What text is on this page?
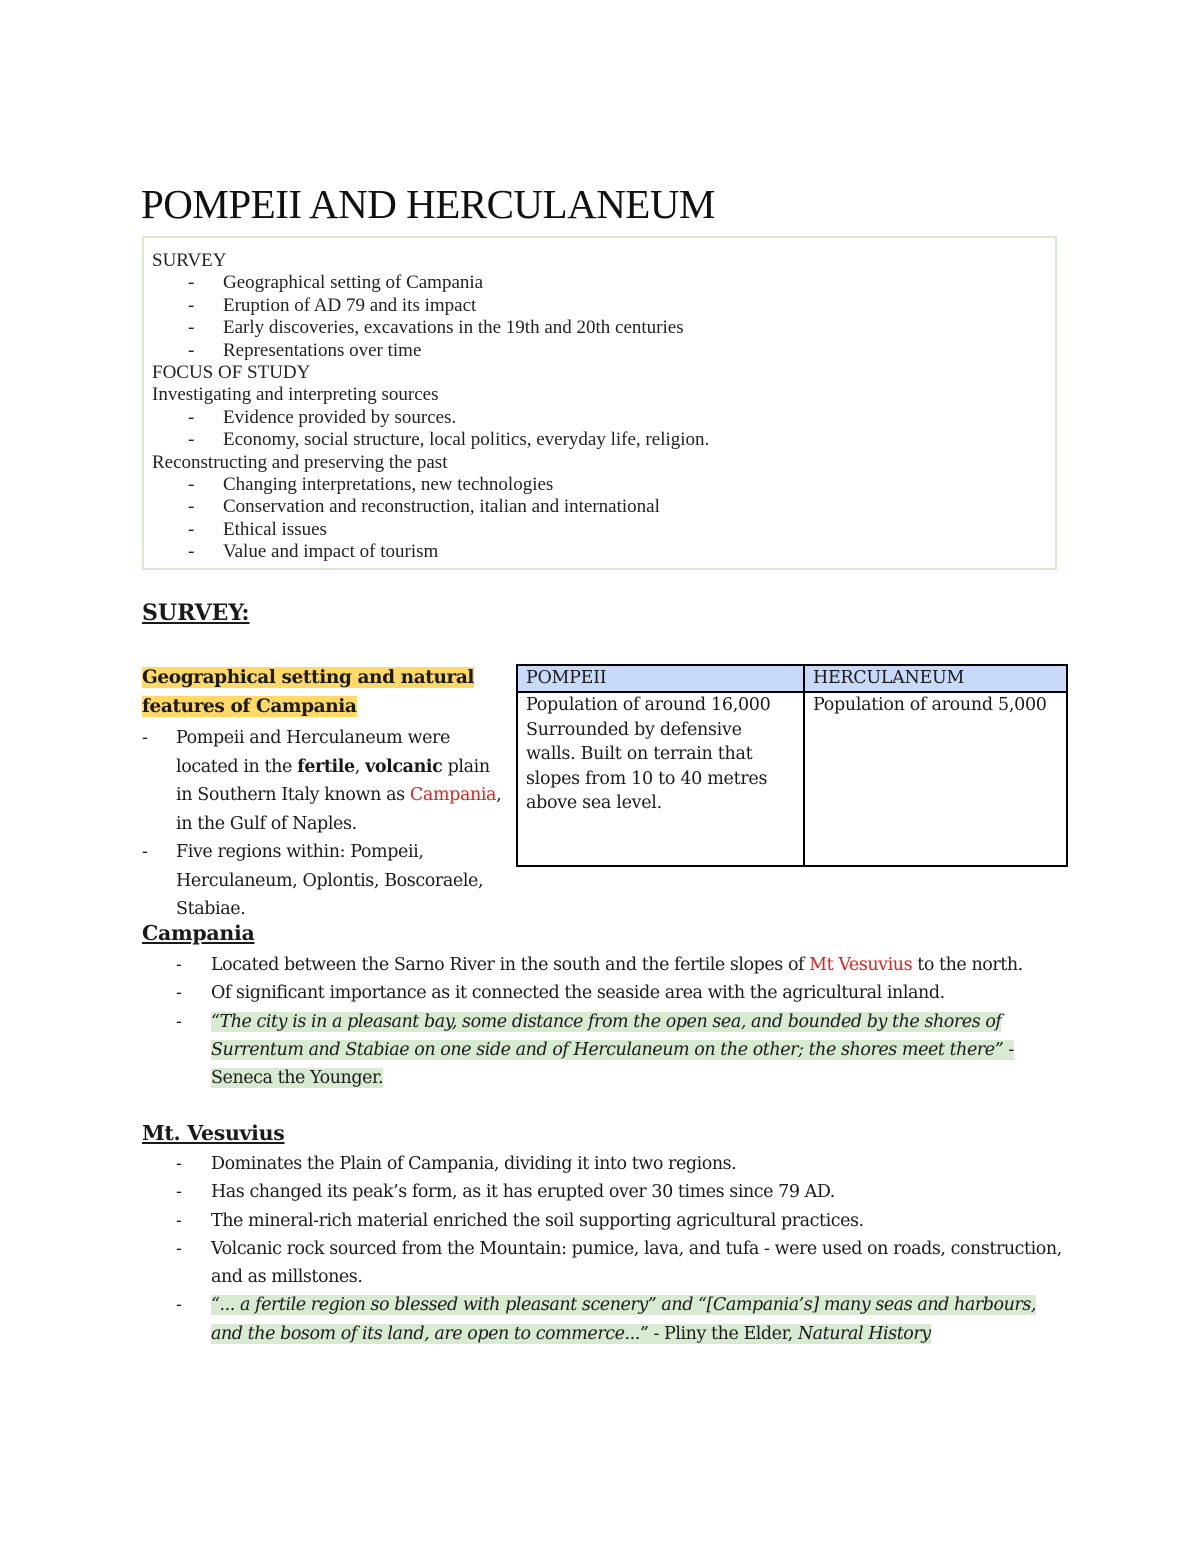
POMPEII AND HERCULANEUM
SURVEY
- Geographical setting of Campania
- Eruption of AD 79 and its impact
- Early discoveries, excavations in the 19th and 20th centuries
- Representations over time
FOCUS OF STUDY
Investigating and interpreting sources
- Evidence provided by sources.
- Economy, social structure, local politics, everyday life, religion.
Reconstructing and preserving the past
- Changing interpretations, new technologies
- Conservation and reconstruction, italian and international
- Ethical issues
- Value and impact of tourism
SURVEY:
Geographical setting and natural
features of Campania
- Pompeii and Herculaneum were located in the fertile, volcanic plain in Southern Italy known as Campania, in the Gulf of Naples.
- Five regions within: Pompeii, Herculaneum, Oplontis, Boscoraele, Stabiae.
POMPEII	HERCULANEUM
Population of around 16,000 Surrounded by defensive walls. Built on terrain that slopes from 10 to 40 metres above sea level.	Population of around 5,000
Campania
- Located between the Sarno River in the south and the fertile slopes of Mt Vesuvius to the north.
- Of significant importance as it connected the seaside area with the agricultural inland.
- “The city is in a pleasant bay, some distance from the open sea, and bounded by the shores of Surrentum and Stabiae on one side and of Herculaneum on the other; the shores meet there” - Seneca the Younger.
Mt. Vesuvius
- Dominates the Plain of Campania, dividing it into two regions.
- Has changed its peak’s form, as it has erupted over 30 times since 79 AD.
- The mineral-rich material enriched the soil supporting agricultural practices.
- Volcanic rock sourced from the Mountain: pumice, lava, and tufa - were used on roads, construction, and as millstones.
- “... a fertile region so blessed with pleasant scenery” and “[Campania’s] many seas and harbours, and the bosom of its land, are open to commerce...” - Pliny the Elder, Natural History
